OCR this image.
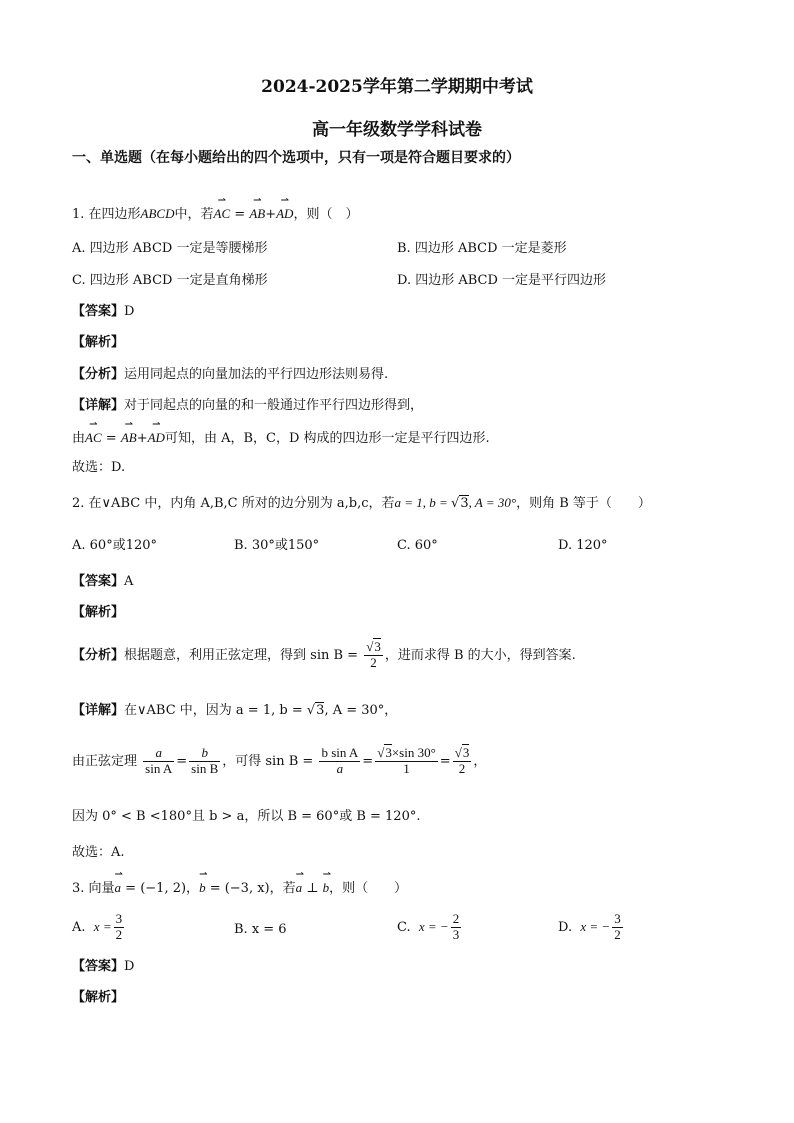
2024-2025学年第二学期期中考试
高一年级数学学科试卷
一、单选题（在每小题给出的四个选项中，只有一项是符合题目要求的）
1. 在四边形ABCD中，若⇀ AC = ⇀ AB+⇀ AD，则（　）
A. 四边形 ABCD 一定是等腰梯形	B. 四边形 ABCD 一定是菱形
C. 四边形 ABCD 一定是直角梯形	D. 四边形 ABCD 一定是平行四边形
【答案】D
【解析】
【分析】运用同起点的向量加法的平行四边形法则易得.
【详解】对于同起点的向量的和一般通过作平行四边形得到，
由⇀ AC = ⇀ AB+⇀ AD可知，由 A，B，C，D 构成的四边形一定是平行四边形.
故选：D.
2. 在∨ABC 中，内角 A,B,C 所对的边分别为 a,b,c，若a = 1, b = √3, A = 30°，则角 B 等于（　　）
A. 60°或120°	B. 30°或150°	C. 60°	D. 120°
【答案】A
【解析】
【分析】根据题意，利用正弦定理，得到 $\sin B = \frac{√3}{2}$ ，进而求得 B 的大小，得到答案.
【详解】在∨ABC 中，因为 a = 1, b = √3, A = 30°，
由正弦定理 $\frac{a}{\text{sin A}} = \frac{b}{\text{sin B}}$ ，可得 $\sin B = \frac{\text{b sin A}}{a} = \frac{√3\times\sin 30^\circ}{1} = \frac{√3}{2}$ ，
因为 0° < B <180°且 b > a，所以 B = 60°或 B = 120°.
故选：A.
3. 向量⇀ a = (−1, 2)，⇀ b = (−3, x)，若⇀ a ⊥ ⇀ b，则（　　）
A. $x = \frac{3}{2}$	B. x = 6	C. x = − $\frac{2}{3}$	D. x = − $\frac{3}{2}$
【答案】D
【解析】
